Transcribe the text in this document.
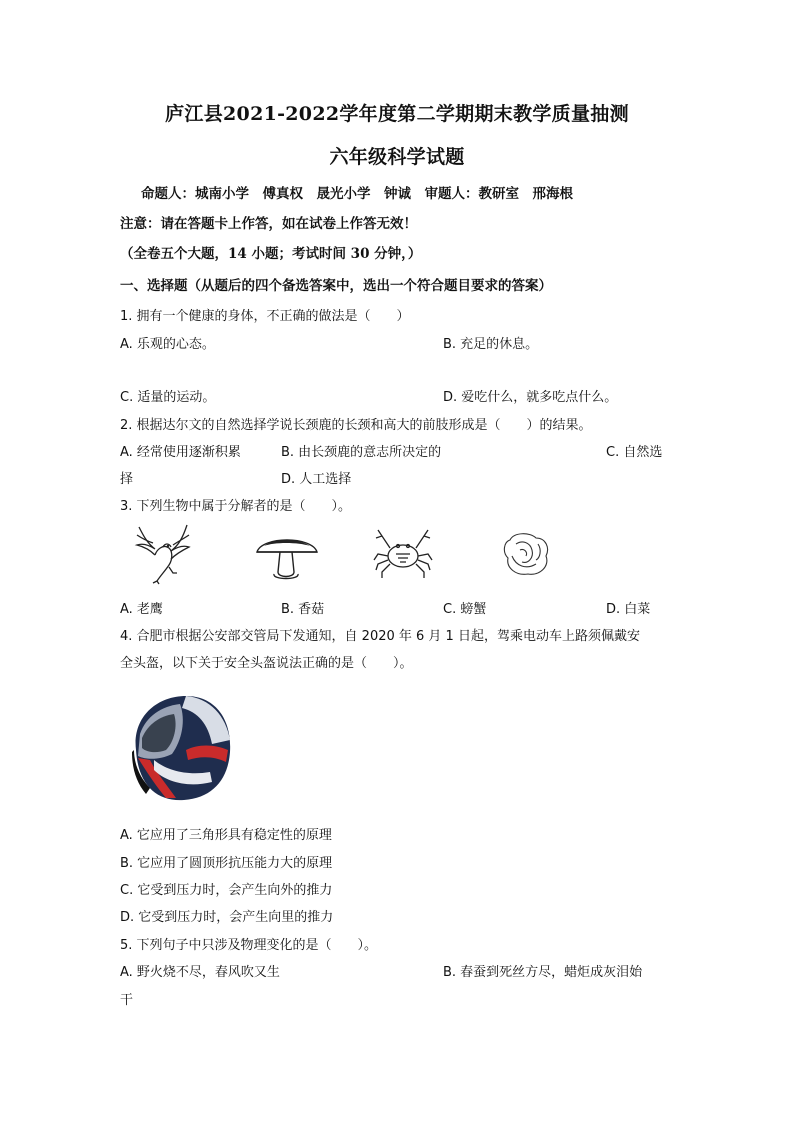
庐江县2021-2022学年度第二学期期末教学质量抽测
六年级科学试题
命题人：城南小学　傅真权　晟光小学　钟诚　审题人：教研室　邢海根
注意：请在答题卡上作答，如在试卷上作答无效！
（全卷五个大题，14 小题；考试时间 30 分钟，）
一、选择题（从题后的四个备选答案中，选出一个符合题目要求的答案）
1. 拥有一个健康的身体，不正确的做法是（　　）
A. 乐观的心态。	B. 充足的休息。
C. 适量的运动。	D. 爱吃什么，就多吃点什么。
2. 根据达尔文的自然选择学说长颈鹿的长颈和高大的前肢形成是（　　）的结果。
A. 经常使用逐渐积累	B. 由长颈鹿的意志所决定的	C. 自然选
择	D. 人工选择
3. 下列生物中属于分解者的是（　　）。
A. 老鹰	B. 香菇	C. 螃蟹	D. 白菜
4. 合肥市根据公安部交管局下发通知，自 2020 年 6 月 1 日起，驾乘电动车上路须佩戴安
全头盔，以下关于安全头盔说法正确的是（　　）。
A. 它应用了三角形具有稳定性的原理
B. 它应用了圆顶形抗压能力大的原理
C. 它受到压力时，会产生向外的推力
D. 它受到压力时，会产生向里的推力
5. 下列句子中只涉及物理变化的是（　　）。
A. 野火烧不尽，春风吹又生	B. 春蚕到死丝方尽，蜡炬成灰泪始
干
